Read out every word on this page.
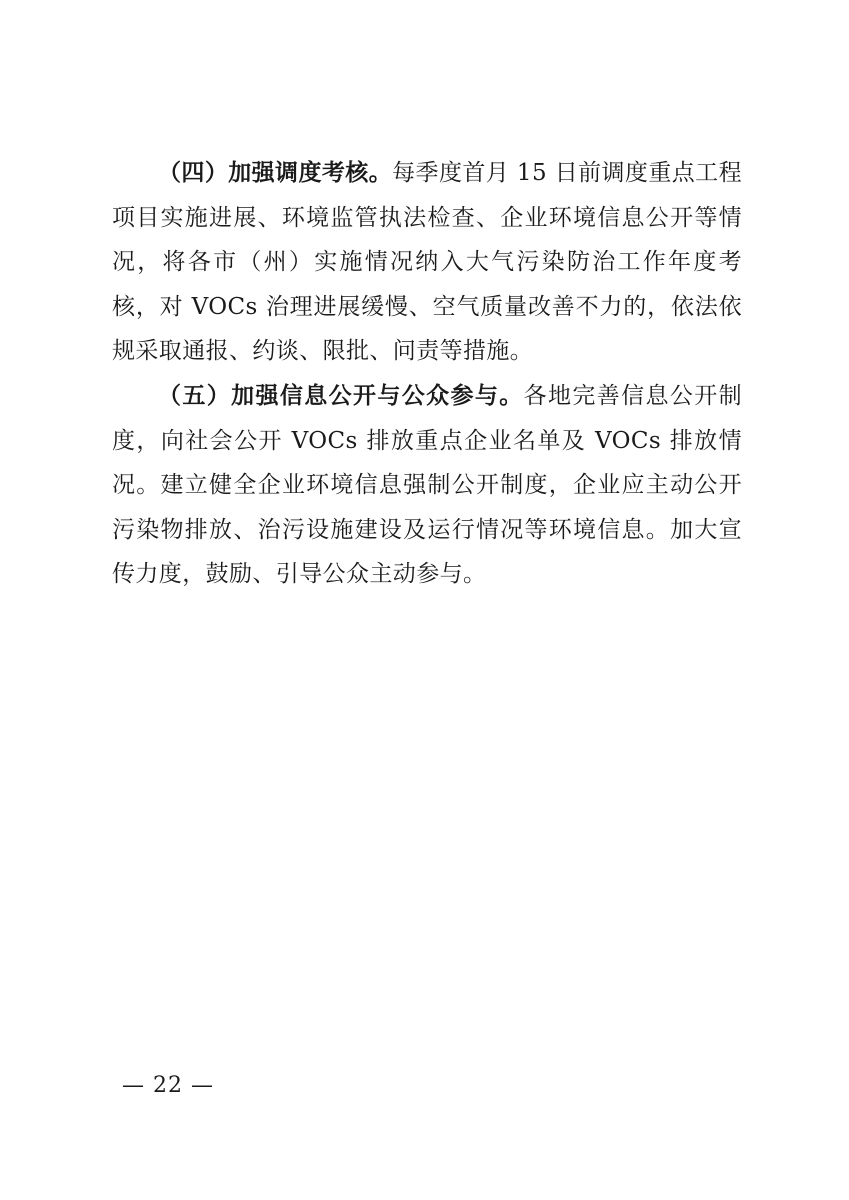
（四）加强调度考核。每季度首月 15 日前调度重点工程项目实施进展、环境监管执法检查、企业环境信息公开等情况，将各市（州）实施情况纳入大气污染防治工作年度考核，对 VOCs 治理进展缓慢、空气质量改善不力的，依法依规采取通报、约谈、限批、问责等措施。

（五）加强信息公开与公众参与。各地完善信息公开制度，向社会公开 VOCs 排放重点企业名单及 VOCs 排放情况。建立健全企业环境信息强制公开制度，企业应主动公开污染物排放、治污设施建设及运行情况等环境信息。加大宣传力度，鼓励、引导公众主动参与。

— 22 —
